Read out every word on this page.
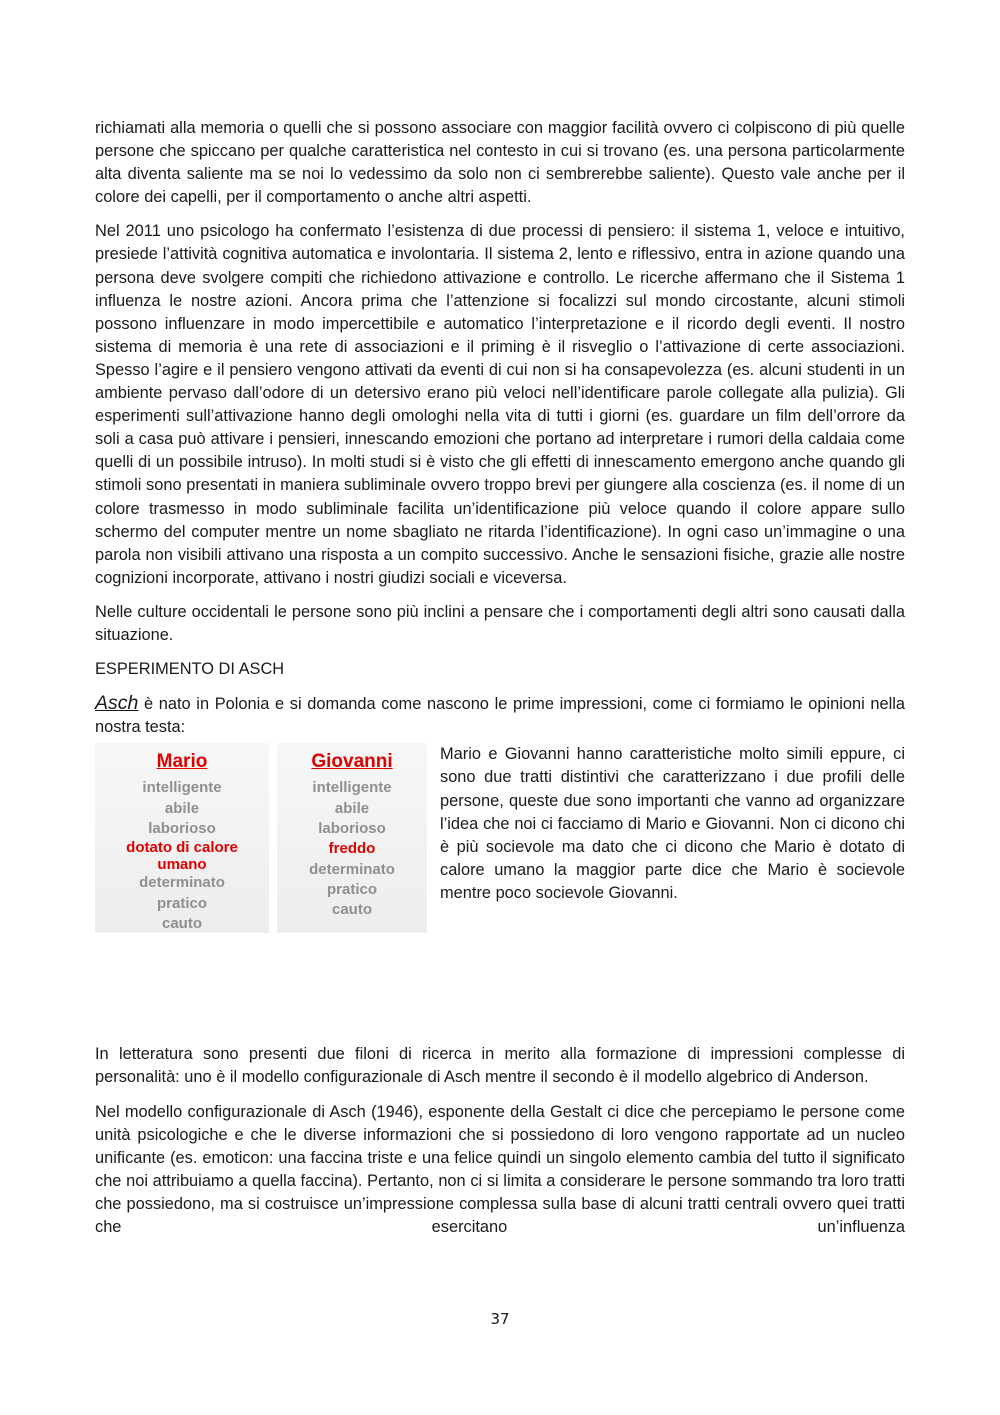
richiamati alla memoria o quelli che si possono associare con maggior facilità ovvero ci colpiscono di più quelle persone che spiccano per qualche caratteristica nel contesto in cui si trovano (es. una persona particolarmente alta diventa saliente ma se noi lo vedessimo da solo non ci sembrerebbe saliente). Questo vale anche per il colore dei capelli, per il comportamento o anche altri aspetti.

Nel 2011 uno psicologo ha confermato l’esistenza di due processi di pensiero: il sistema 1, veloce e intuitivo, presiede l’attività cognitiva automatica e involontaria. Il sistema 2, lento e riflessivo, entra in azione quando una persona deve svolgere compiti che richiedono attivazione e controllo. Le ricerche affermano che il Sistema 1 influenza le nostre azioni. Ancora prima che l’attenzione si focalizzi sul mondo circostante, alcuni stimoli possono influenzare in modo impercettibile e automatico l’interpretazione e il ricordo degli eventi. Il nostro sistema di memoria è una rete di associazioni e il priming è il risveglio o l’attivazione di certe associazioni. Spesso l’agire e il pensiero vengono attivati da eventi di cui non si ha consapevolezza (es. alcuni studenti in un ambiente pervaso dall’odore di un detersivo erano più veloci nell’identificare parole collegate alla pulizia). Gli esperimenti sull’attivazione hanno degli omologhi nella vita di tutti i giorni (es. guardare un film dell’orrore da soli a casa può attivare i pensieri, innescando emozioni che portano ad interpretare i rumori della caldaia come quelli di un possibile intruso). In molti studi si è visto che gli effetti di innescamento emergono anche quando gli stimoli sono presentati in maniera subliminale ovvero troppo brevi per giungere alla coscienza (es. il nome di un colore trasmesso in modo subliminale facilita un’identificazione più veloce quando il colore appare sullo schermo del computer mentre un nome sbagliato ne ritarda l’identificazione). In ogni caso un’immagine o una parola non visibili attivano una risposta a un compito successivo. Anche le sensazioni fisiche, grazie alle nostre cognizioni incorporate, attivano i nostri giudizi sociali e viceversa.

Nelle culture occidentali le persone sono più inclini a pensare che i comportamenti degli altri sono causati dalla situazione.

ESPERIMENTO DI ASCH

Asch è nato in Polonia e si domanda come nascono le prime impressioni, come ci formiamo le opinioni nella nostra testa:

Mario
intelligente
abile
laborioso
dotato di calore
umano
determinato
pratico
cauto
Giovanni
intelligente
abile
laborioso
freddo
determinato
pratico
cauto
Mario e Giovanni hanno caratteristiche molto simili eppure, ci sono due tratti distintivi che caratterizzano i due profili delle persone, queste due sono importanti che vanno ad organizzare l’idea che noi ci facciamo di Mario e Giovanni. Non ci dicono chi è più socievole ma dato che ci dicono che Mario è dotato di calore umano la maggior parte dice che Mario è socievole mentre poco socievole Giovanni.

In letteratura sono presenti due filoni di ricerca in merito alla formazione di impressioni complesse di personalità: uno è il modello configurazionale di Asch mentre il secondo è il modello algebrico di Anderson.

Nel modello configurazionale di Asch (1946), esponente della Gestalt ci dice che percepiamo le persone come unità psicologiche e che le diverse informazioni che si possiedono di loro vengono rapportate ad un nucleo unificante (es. emoticon: una faccina triste e una felice quindi un singolo elemento cambia del tutto il significato che noi attribuiamo a quella faccina). Pertanto, non ci si limita a considerare le persone sommando tra loro tratti che possiedono, ma si costruisce un’impressione complessa sulla base di alcuni tratti centrali ovvero quei tratti che esercitano un’influenza

37
